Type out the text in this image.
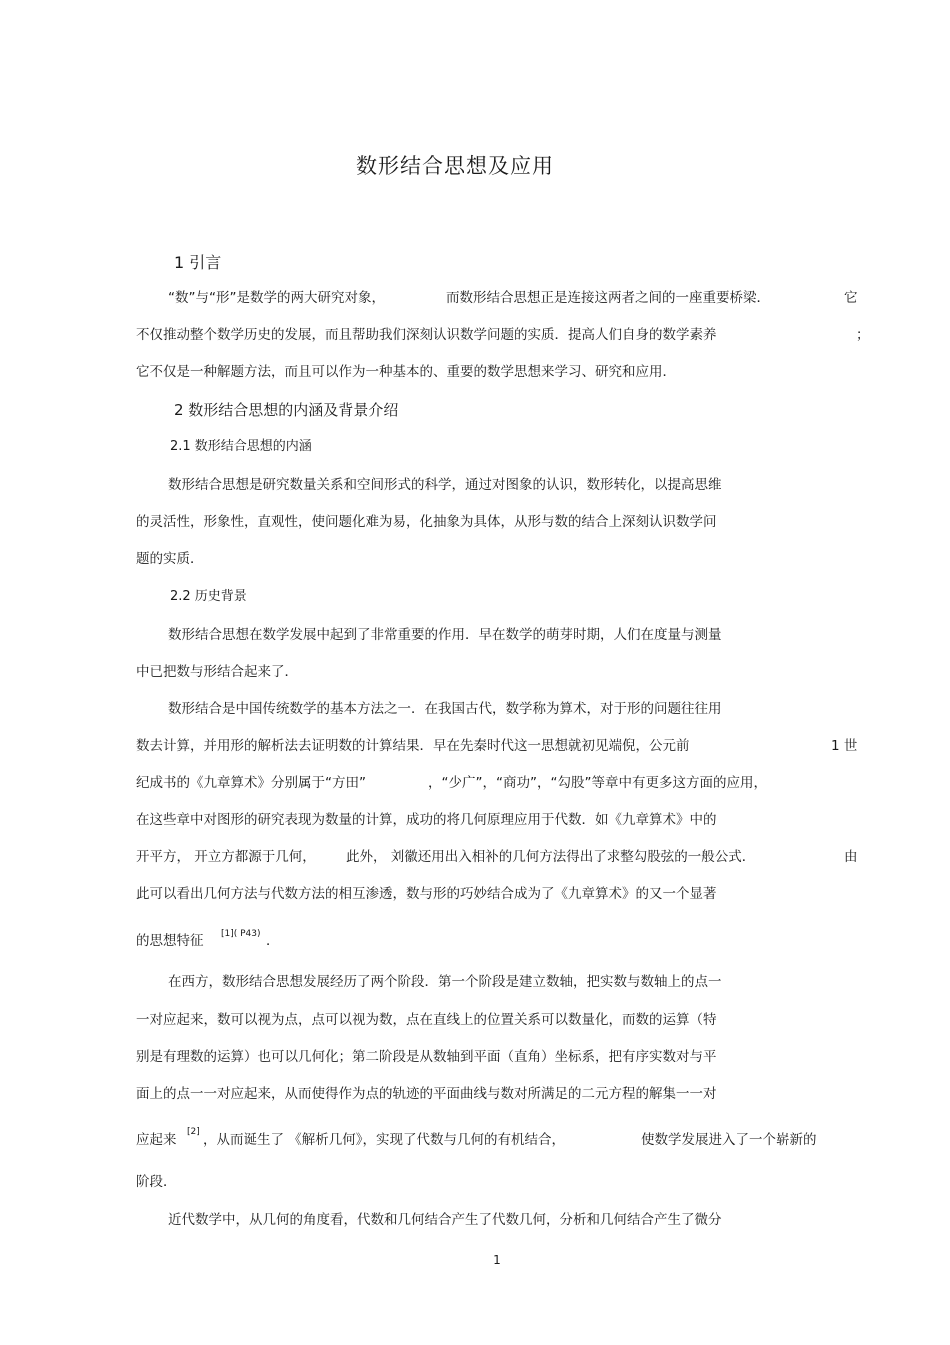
数形结合思想及应用
1 引言
“数”与“形”是数学的两大研究对象，	而数形结合思想正是连接这两者之间的一座重要桥梁．	它
不仅推动整个数学历史的发展，而且帮助我们深刻认识数学问题的实质．提高人们自身的数学素养	；
它不仅是一种解题方法，而且可以作为一种基本的、重要的数学思想来学习、研究和应用．
2 数形结合思想的内涵及背景介绍
2.1 数形结合思想的内涵
数形结合思想是研究数量关系和空间形式的科学，通过对图象的认识，数形转化，以提高思维
的灵活性，形象性，直观性，使问题化难为易，化抽象为具体，从形与数的结合上深刻认识数学问
题的实质．
2.2 历史背景
数形结合思想在数学发展中起到了非常重要的作用．早在数学的萌芽时期，人们在度量与测量
中已把数与形结合起来了．
数形结合是中国传统数学的基本方法之一．在我国古代，数学称为算术，对于形的问题往往用
数去计算，并用形的解析法去证明数的计算结果．早在先秦时代这一思想就初见端倪，公元前	1 世
纪成书的《九章算术》分别属于“方田”	，“少广”，“商功”，“勾股”等章中有更多这方面的应用，
在这些章中对图形的研究表现为数量的计算，成功的将几何原理应用于代数．如《九章算术》中的
开平方， 开立方都源于几何， 此外， 刘徽还用出入相补的几何方法得出了求整勾股弦的一般公式．	由
此可以看出几何方法与代数方法的相互渗透，数与形的巧妙结合成为了《九章算术》的又一个显著
的思想特征 [1]( P43) ．
在西方，数形结合思想发展经历了两个阶段．第一个阶段是建立数轴，把实数与数轴上的点一
一对应起来，数可以视为点，点可以视为数，点在直线上的位置关系可以数量化，而数的运算（特
别是有理数的运算）也可以几何化；第二阶段是从数轴到平面（直角）坐标系，把有序实数对与平
面上的点一一对应起来，从而使得作为点的轨迹的平面曲线与数对所满足的二元方程的解集一一对
应起来 [2] ，从而诞生了 《解析几何》，实现了代数与几何的有机结合，	使数学发展进入了一个崭新的
阶段．
近代数学中，从几何的角度看，代数和几何结合产生了代数几何，分析和几何结合产生了微分
1
